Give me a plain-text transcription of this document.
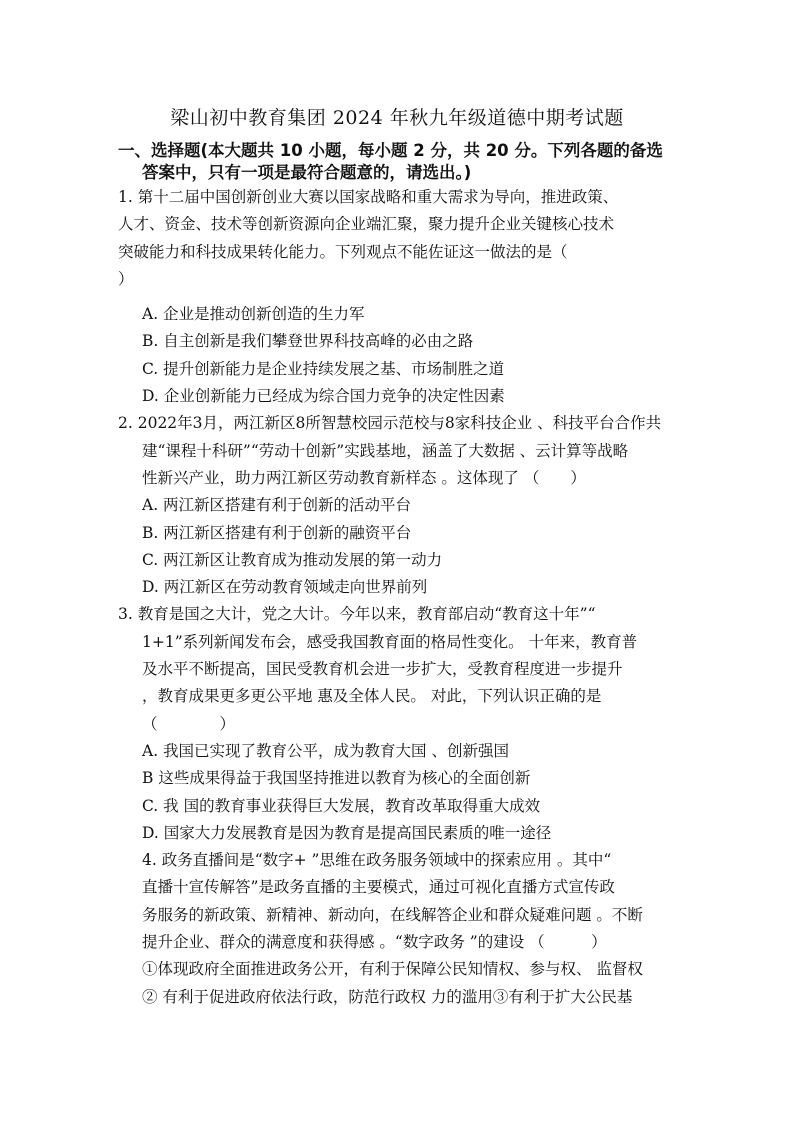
梁山初中教育集团 2024 年秋九年级道德中期考试题
一、选择题(本大题共 10 小题，每小题 2 分，共 20 分。下列各题的备选
答案中，只有一项是最符合题意的，请选出。)
1. 第十二届中国创新创业大赛以国家战略和重大需求为导向，推进政策、
人才、资金、技术等创新资源向企业端汇聚，聚力提升企业关键核心技术
突破能力和科技成果转化能力。下列观点不能佐证这一做法的是（
）
A. 企业是推动创新创造的生力军
B. 自主创新是我们攀登世界科技高峰的必由之路
C. 提升创新能力是企业持续发展之基、市场制胜之道
D. 企业创新能力已经成为综合国力竞争的决定性因素
2. 2022年3月，两江新区8所智慧校园示范校与8家科技企业 、科技平台合作共
建“课程十科研”“劳动十创新”实践基地，涵盖了大数据 、云计算等战略
性新兴产业，助力两江新区劳动教育新样态 。这体现了 （　　）
A. 两江新区搭建有利于创新的活动平台
B. 两江新区搭建有利于创新的融资平台
C. 两江新区让教育成为推动发展的第一动力
D. 两江新区在劳动教育领域走向世界前列
3. 教育是国之大计，党之大计。今年以来，教育部启动“教育这十年”“
1+1”系列新闻发布会，感受我国教育面的格局性变化。 十年来，教育普
及水平不断提高，国民受教育机会进一步扩大，受教育程度进一步提升
，教育成果更多更公平地 惠及全体人民。 对此，下列认识正确的是
（　　　　）
A. 我国已实现了教育公平，成为教育大国 、创新强国
B 这些成果得益于我国坚持推进以教育为核心的全面创新
C. 我 国的教育事业获得巨大发展，教育改革取得重大成效
D. 国家大力发展教育是因为教育是提高国民素质的唯一途径
4. 政务直播间是“数字+ ”思维在政务服务领域中的探索应用 。其中“
直播十宣传解答”是政务直播的主要模式，通过可视化直播方式宣传政
务服务的新政策、新精神、新动向，在线解答企业和群众疑难问题 。不断
提升企业、群众的满意度和获得感 。“数字政务 ”的建设 （　　　）
①体现政府全面推进政务公开，有利于保障公民知情权、参与权、 监督权
② 有利于促进政府依法行政，防范行政权 力的滥用③有利于扩大公民基
